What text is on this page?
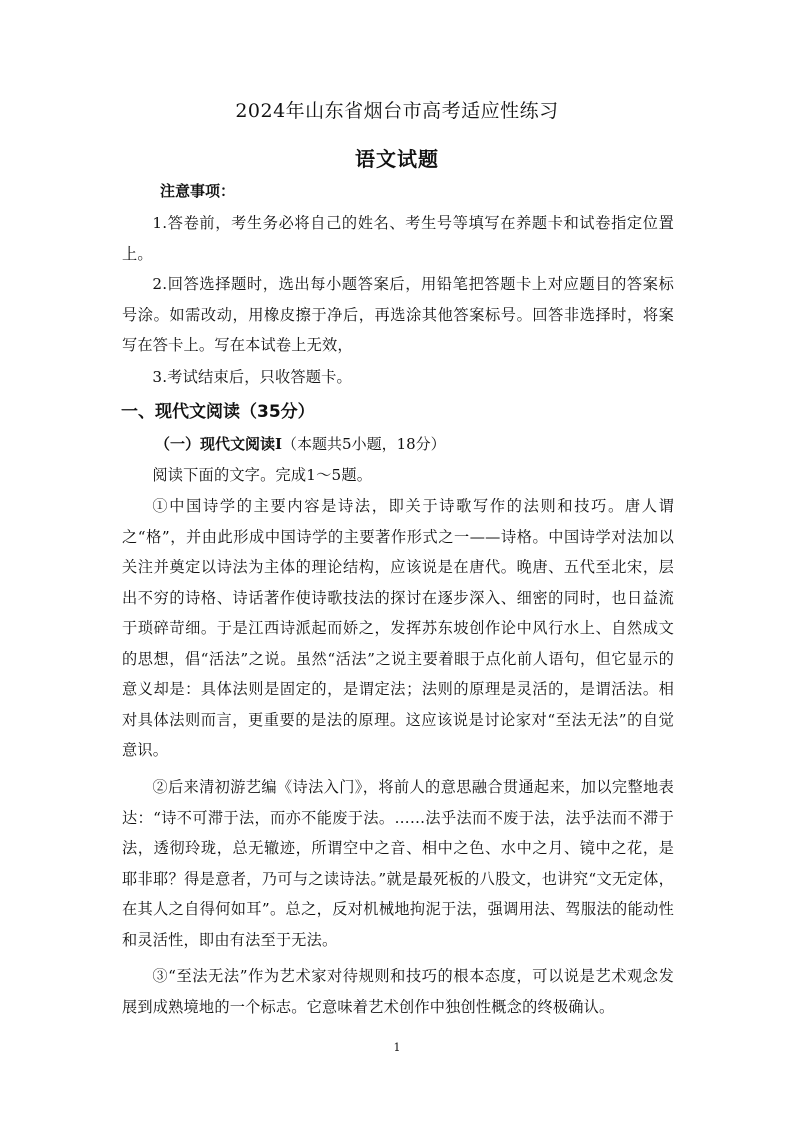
2024年山东省烟台市高考适应性练习
语文试题
注意事项：

1.答卷前，考生务必将自己的姓名、考生号等填写在养题卡和试卷指定位置上。

2.回答选择题时，选出每小题答案后，用铅笔把答题卡上对应题目的答案标号涂。如需改动，用橡皮擦于净后，再选涂其他答案标号。回答非选择时，将案写在答卡上。写在本试卷上无效，

3.考试结束后，只收答题卡。

一、现代文阅读（35分）
（一）现代文阅读Ⅰ（本题共5小题，18分）

阅读下面的文字。完成1～5题。

①中国诗学的主要内容是诗法，即关于诗歌写作的法则和技巧。唐人谓之“格”，并由此形成中国诗学的主要著作形式之一——诗格。中国诗学对法加以关注并奠定以诗法为主体的理论结构，应该说是在唐代。晚唐、五代至北宋，层出不穷的诗格、诗话著作使诗歌技法的探讨在逐步深入、细密的同时，也日益流于琐碎苛细。于是江西诗派起而娇之，发挥苏东坡创作论中风行水上、自然成文的思想，倡“活法”之说。虽然“活法”之说主要着眼于点化前人语句，但它显示的意义却是：具体法则是固定的，是谓定法；法则的原理是灵活的，是谓活法。相对具体法则而言，更重要的是法的原理。这应该说是讨论家对“至法无法”的自觉意识。

②后来清初游艺编《诗法入门》，将前人的意思融合贯通起来，加以完整地表达：“诗不可滞于法，而亦不能废于法。……法乎法而不废于法，法乎法而不滞于法，透彻玲珑，总无辙迹，所谓空中之音、相中之色、水中之月、镜中之花，是耶非耶？得是意者，乃可与之读诗法。”就是最死板的八股文，也讲究“文无定体，在其人之自得何如耳”。总之，反对机械地拘泥于法，强调用法、驾服法的能动性和灵活性，即由有法至于无法。

③“至法无法”作为艺术家对待规则和技巧的根本态度，可以说是艺术观念发展到成熟境地的一个标志。它意味着艺术创作中独创性概念的终极确认。

1
